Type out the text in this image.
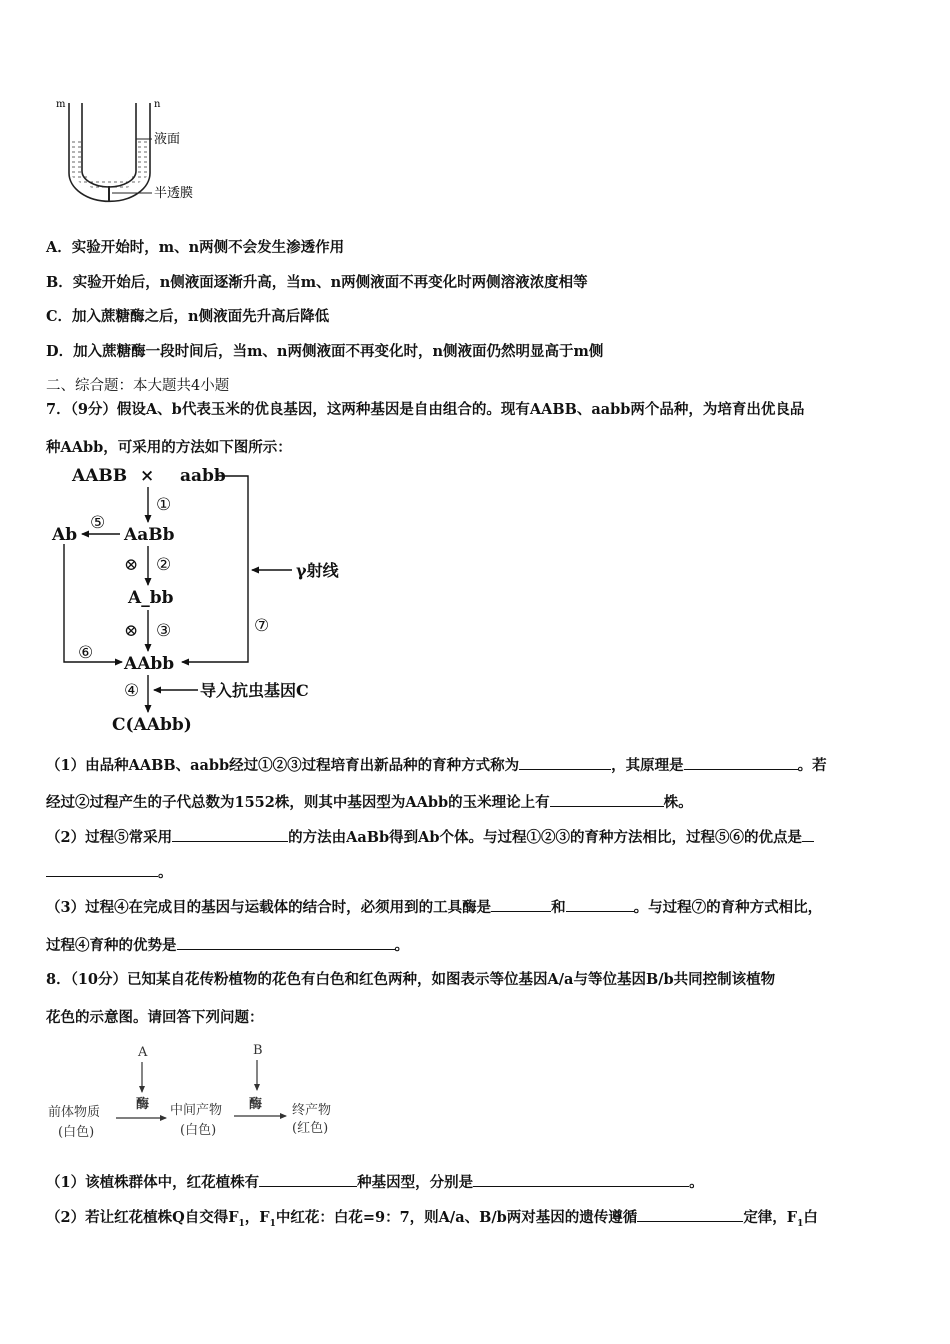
m	n
液面
半透膜
A．实验开始时，m、n两侧不会发生渗透作用
B．实验开始后，n侧液面逐渐升高，当m、n两侧液面不再变化时两侧溶液浓度相等
C．加入蔗糖酶之后，n侧液面先升高后降低
D．加入蔗糖酶一段时间后，当m、n两侧液面不再变化时，n侧液面仍然明显高于m侧
二、综合题：本大题共4小题
7．（9分）假设A、b代表玉米的优良基因，这两种基因是自由组合的。现有AABB、aabb两个品种，为培育出优良品
种AAbb，可采用的方法如下图所示：
AABB × aabb
AaBb
Ab
A_bb
AAbb
C(AAbb)
γ射线
导入抗虫基因C
①
⑤
⊗ ②
⊗ ③	⑦
⑥
④
（1）由品种AABB、aabb经过①②③过程培育出新品种的育种方式称为	，其原理是	。若
经过②过程产生的子代总数为1552株，则其中基因型为AAbb的玉米理论上有	株。
（2）过程⑤常采用	的方法由AaBb得到Ab个体。与过程①②③的育种方法相比，过程⑤⑥的优点是
。
（3）过程④在完成目的基因与运载体的结合时，必须用到的工具酶是	和	。与过程⑦的育种方式相比，
过程④育种的优势是	。
8．（10分）已知某自花传粉植物的花色有白色和红色两种，如图表示等位基因A/a与等位基因B/b共同控制该植物
花色的示意图。请回答下列问题：
A	B
酶	酶
前体物质
(白色)
中间产物
(白色)
终产物
(红色)
（1）该植株群体中，红花植株有	种基因型，分别是	。
（2）若让红花植株Q自交得$F_1$，$F_1$中红花：白花=9：7，则A/a、B/b两对基因的遗传遵循	定律，$F_1$白
